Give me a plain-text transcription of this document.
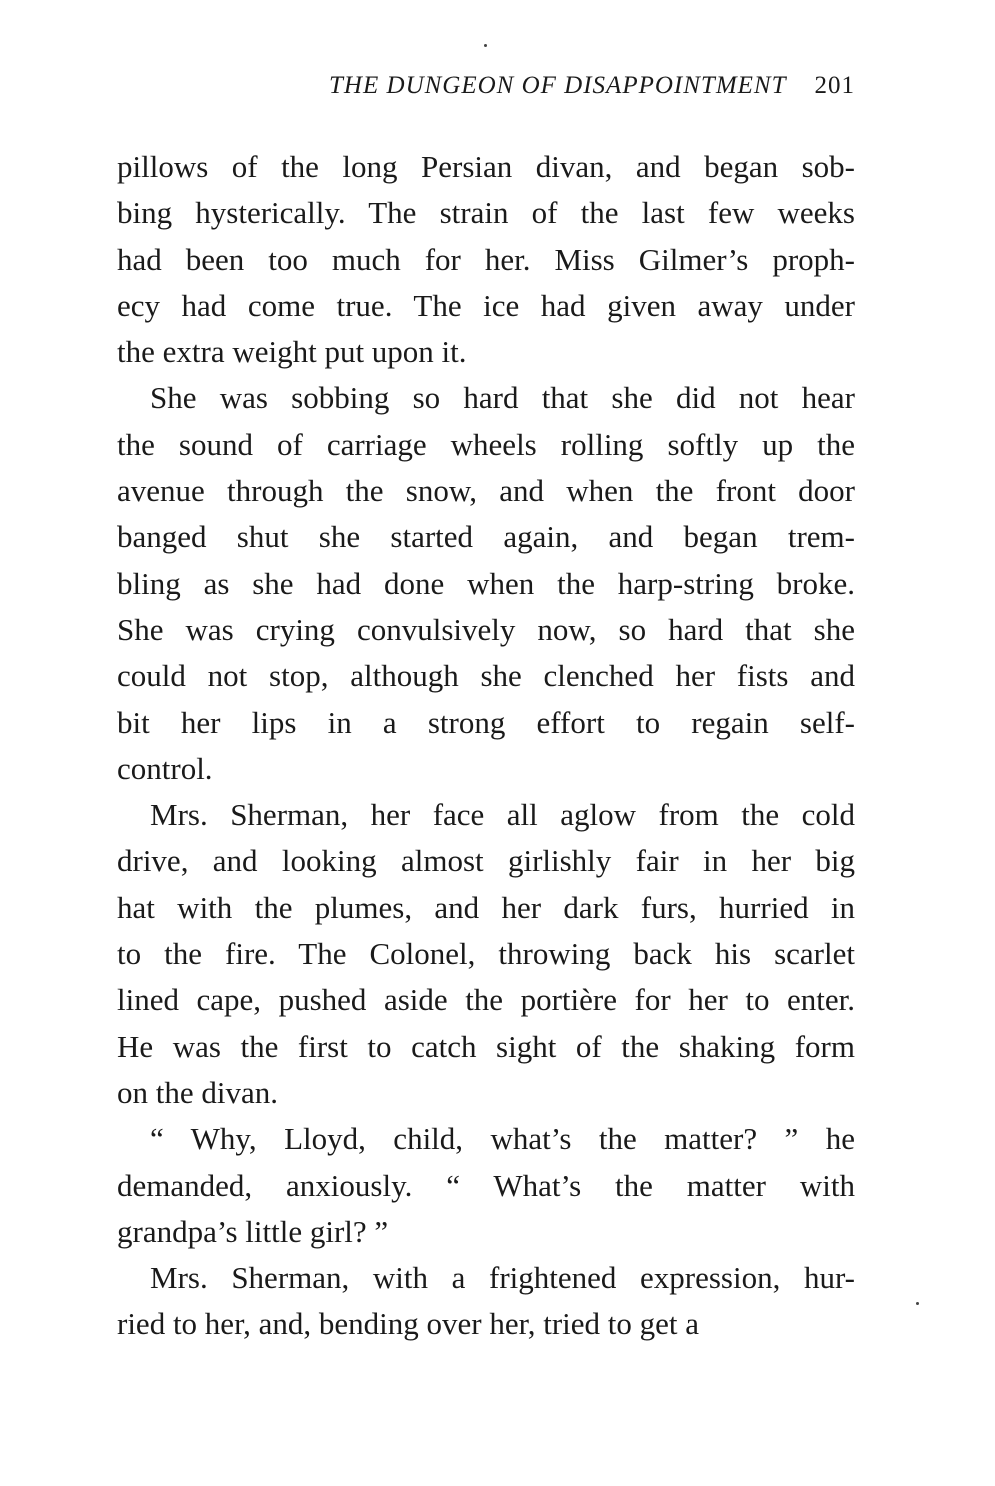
THE DUNGEON OF DISAPPOINTMENT 201
pillows of the long Persian divan, and began sob-
bing hysterically. The strain of the last few weeks
had been too much for her. Miss Gilmer’s proph-
ecy had come true. The ice had given away under
the extra weight put upon it.
She was sobbing so hard that she did not hear
the sound of carriage wheels rolling softly up the
avenue through the snow, and when the front door
banged shut she started again, and began trem-
bling as she had done when the harp-string broke.
She was crying convulsively now, so hard that she
could not stop, although she clenched her fists and
bit her lips in a strong effort to regain self-
control.
Mrs. Sherman, her face all aglow from the cold
drive, and looking almost girlishly fair in her big
hat with the plumes, and her dark furs, hurried in
to the fire. The Colonel, throwing back his scarlet
lined cape, pushed aside the portière for her to enter.
He was the first to catch sight of the shaking form
on the divan.
“ Why, Lloyd, child, what’s the matter? ” he
demanded, anxiously. “ What’s the matter with
grandpa’s little girl? ”
Mrs. Sherman, with a frightened expression, hur-
ried to her, and, bending over her, tried to get a
